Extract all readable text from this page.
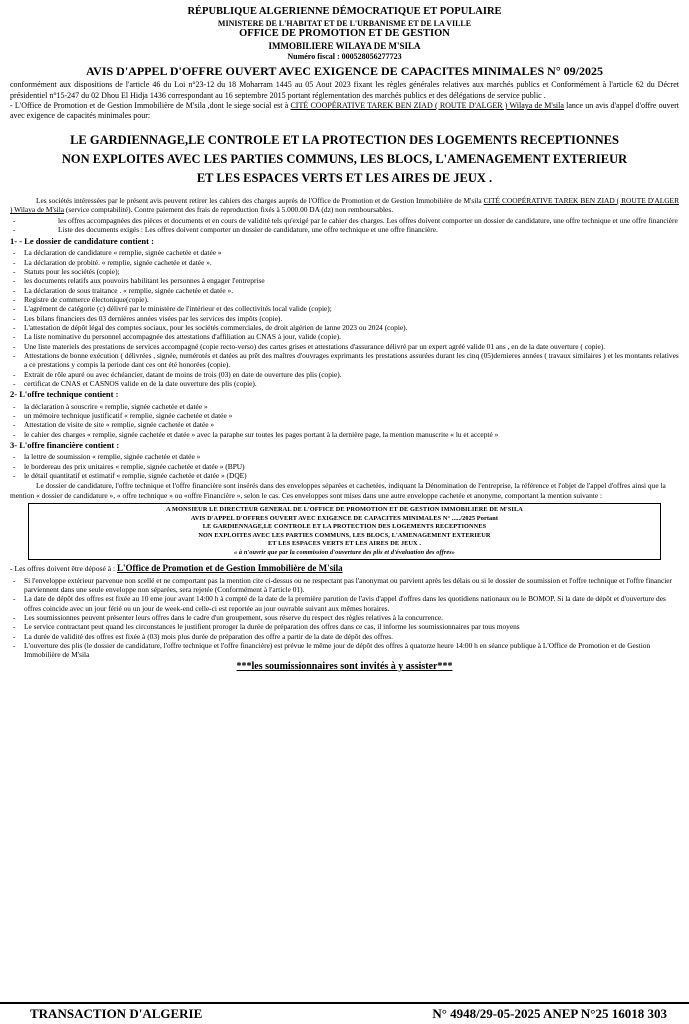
RÉPUBLIQUE ALGERIENNE DÉMOCRATIQUE ET POPULAIRE
MINISTERE DE L'HABITAT ET DE L'URBANISME ET DE LA VILLE
OFFICE DE PROMOTION ET DE GESTION
IMMOBILIERE WILAYA DE M'SILA
Numéro fiscal : 000528056277723
AVIS D'APPEL D'OFFRE OUVERT AVEC EXIGENCE DE CAPACITES MINIMALES N° 09/2025
conformément aux dispositions de l'article 46 du Loi n°23-12 du 18 Moharram 1445 au 05 Aout 2023 fixant les règles générales relatives aux marchés publics et Conformément à l'article 62 du Décret présidentiel n°15-247 du 02 Dhou El Hidja 1436 correspondant au 16 septembre 2015 portant réglementation des marchés publics et des délégations de service public .
- L'Office de Promotion et de Gestion Immobilière de M'sila ,dont le siege social est à CITÉ COOPÉRATIVE TAREK BEN ZIAD ( ROUTE D'ALGER ) Wilaya de M'sila lance un avis d'appel d'offre ouvert avec exigence de capacités minimales pour:
LE GARDIENNAGE,LE CONTROLE ET LA PROTECTION DES LOGEMENTS RECEPTIONNES
NON EXPLOITES AVEC LES PARTIES COMMUNS, LES BLOCS, L'AMENAGEMENT EXTERIEUR
ET LES ESPACES VERTS ET LES AIRES DE JEUX .
Les sociétés intéressées par le présent avis peuvent retirer les cahiers des charges auprès de l'Office de Promotion et de Gestion Immobilière de M'sila CITÉ COOPÉRATIVE TAREK BEN ZIAD ( ROUTE D'ALGER ) Wilaya de M'sila (service comptabilité). Contre paiement des frais de reproduction fixés à 5.000.00 DA (dz) non remboursables.
- les offres accompagnées des pièces et documents et en cours de validité tels qu'exigé par le cahier des charges. Les offres doivent comporter un dossier de candidature, une offre technique et une offre financière
- Liste des documents exigés : Les offres doivent comporter un dossier de candidature, une offre technique et une offre financière.
1- - Le dossier de candidature contient :
- La déclaration de candidature « remplie, signée cachetée et datée »
- La déclaration de probité. « remplie, signée cachetée et datée ».
- Statuts pour les sociétés (copie);
- les documents relatifs aux pouvoirs habilitant les personnes à engager l'entreprise
- La déclaration de sous traitance . « remplie, signée cachetée et datée ».
- Registre de commerce électonique(copie).
- L'agrément de catégorie (c) délivré par le ministère de l'intérieur et des collectivités local valide (copie);
- Les bilans financiers des 03 dernières années visées par les services des impôts (copie).
- L'attestation de dépôt légal des comptes sociaux, pour les sociétés commerciales, de droit algérien de lanne 2023 ou 2024 (copie).
- La liste nominative du personnel accompagnée des attestations d'affiliation au CNAS à jour, valide (copie).
- Une liste materiels des prestations de services accompagné (copie recto-verso) des cartes grises et attestations d'assurance délivré par un expert agréé valide 01 ans , en de la date ouverture ( copie).
- Attestations de bonne exécution ( délivrées , signée, numérotés et datées au prêt des maîtres d'ouvrages exprimants les prestations assurées durant les cinq (05)dernieres années ( travaux similaires ) et les montants relatives a ce prestations y compis la periode dant ces ont été honorées (copie).
- Extrait de rôle apuré ou avec échéancier, datant de moins de trois (03) en date de ouverture des plis (copie).
- certificat de CNAS et CASNOS valide en de la date ouverture des plis (copie).
2- L'offre technique contient :
- la déclaration à souscrire « remplie, signée cachetée et datée »
- un mémoire technique justificatif « remplie, signée cachetée et datée »
- Attestation de visite de site « remplie, signée cachetée et datée »
- le cahier des charges « remplie, signée cachetée et datée » avec la paraphe sur toutes les pages portant à la dernière page, la mention manuscrite « lu et accepté »
3- L'offre financière contient :
- la lettre de soumission « remplie, signée cachetée et datée »
- le bordereau des prix unitaires « remplie, signée cachetée et datée » (BPU)
- le détail quantitatif et estimatif « remplie, signée cachetée et datée » (DQE)
Le dossier de candidature, l'offre technique et l'offre financière sont insérés dans des enveloppes séparées et cachetées, indiquant la Dénomination de l'entreprise, la référence et l'objet de l'appel d'offres ainsi que la mention « dossier de candidature », « offre technique » ou «offre Financière », selon le cas. Ces enveloppes sont mises dans une autre enveloppe cachetée et anonyme, comportant la mention suivante :
A MONSIEUR LE DIRECTEUR GENERAL DE L'OFFICE DE PROMOTION ET DE GESTION IMMOBILIERE DE M'SILA
AVIS D'APPEL D'OFFRES OUVERT AVEC EXIGENCE DE CAPACITES MINIMALES N° ...../2025 Portant
LE GARDIENNAGE,LE CONTROLE ET LA PROTECTION DES LOGEMENTS RECEPTIONNES
NON EXPLOITES AVEC LES PARTIES COMMUNS, LES BLOCS, L'AMENAGEMENT EXTERIEUR
ET LES ESPACES VERTS ET LES AIRES DE JEUX .
« à n'ouvrir que par la commission d'ouverture des plis et d'évaluation des offres»
- Les offres doivent être déposé à : L'Office de Promotion et de Gestion Immobilière de M'sila
- Si l'enveloppe extérieur parvenue non scellé et ne comportant pas la mention cite ci-dessus ou ne respectant pas l'anonymat ou parvient après les délais ou si le dossier de soumission et l'offre technique et l'offre financier parviennent dans une seule enveloppe non séparées, sera rejetée (Conformément à l'article 01).
- La date de dépôt des offres est fixée au 10 eme jour avant 14:00 h à compté de la date de la première parution de l'avis d'appel d'offres dans les quotidiens nationaux ou le BOMOP. Si la date de dépôt et d'ouverture des offres coincide avec un jour férié ou un jour de week-end celle-ci est reportée au jour ouvrable suivant aux mêmes horaires.
- Les soumissionnes peuvent présenter leurs offres dans le cadre d'un groupement, sous réserve du respect des règles relatives à la concurrence.
- Le service contractant peut quand les circonstances le justifient proroger la durée de préparation des offres dans ce cas, il informe les soumissionnaires par tous moyens
- La durée de validité des offres est fixée à (03) mois plus durée de préparation des offre a partir de la date de dépôt des offres.
- L'ouverture des plis (le dossier de candidature, l'offre technique et l'offre financière) est prévue le même jour de dépôt des offres à quatorze heure 14:00 h en séance publique à L'Office de Promotion et de Gestion Immobilière de M'sila
***les soumissionnaires sont invités à y assister***
TRANSACTION D'ALGERIE	N° 4948/29-05-2025 ANEP N°25 16018 303
